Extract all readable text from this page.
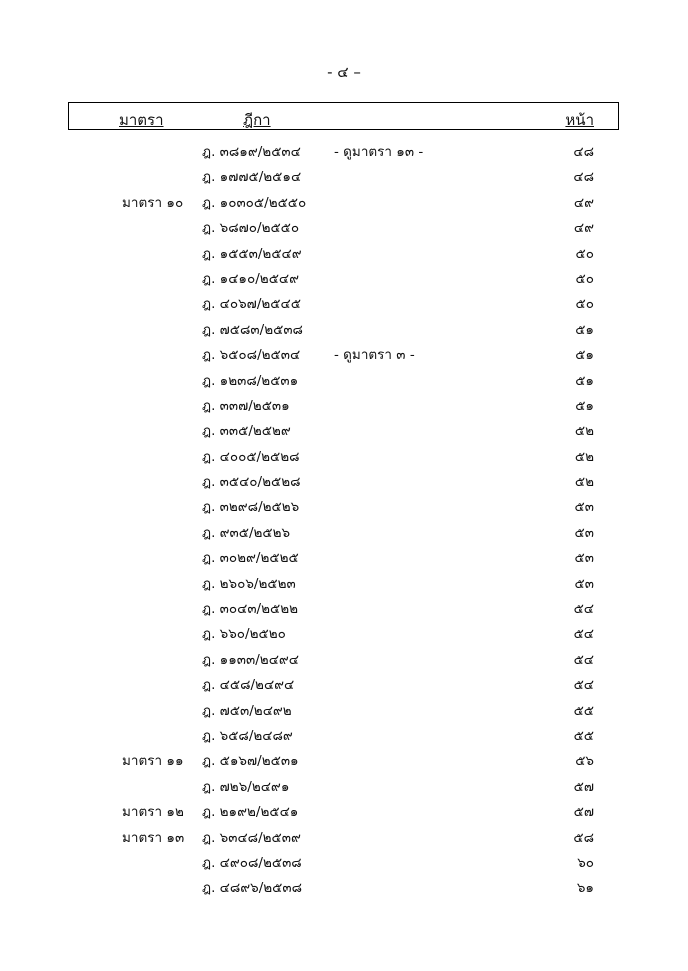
- ๔ –
มาตรา	ฎีกา	หน้า
ฎ. ๓๘๑๙/๒๕๓๔ - ดูมาตรา ๑๓ -	๔๘
ฎ. ๑๗๗๕/๒๕๑๔	๔๘
มาตรา ๑๐ ฎ. ๑๐๓๐๕/๒๕๕๐	๔๙
ฎ. ๖๘๗๐/๒๕๕๐	๔๙
ฎ. ๑๕๕๓/๒๕๔๙	๕๐
ฎ. ๑๔๑๐/๒๕๔๙	๕๐
ฎ. ๔๐๖๗/๒๕๔๕	๕๐
ฎ. ๗๕๘๓/๒๕๓๘	๕๑
ฎ. ๖๕๐๘/๒๕๓๔	- ดูมาตรา ๓ -	๕๑
ฎ. ๑๒๓๘/๒๕๓๑	๕๑
ฎ. ๓๓๗/๒๕๓๑	๕๑
ฎ. ๓๓๕/๒๕๒๙	๕๒
ฎ. ๔๐๐๕/๒๕๒๘	๕๒
ฎ. ๓๕๔๐/๒๕๒๘	๕๒
ฎ. ๓๒๙๘/๒๕๒๖	๕๓
ฎ. ๙๓๕/๒๕๒๖	๕๓
ฎ. ๓๐๒๙/๒๕๒๕	๕๓
ฎ. ๒๖๐๖/๒๕๒๓	๕๓
ฎ. ๓๐๔๓/๒๕๒๒	๕๔
ฎ. ๖๖๐/๒๕๒๐	๕๔
ฎ. ๑๑๓๓/๒๔๙๔	๕๔
ฎ. ๔๕๘/๒๔๙๔	๕๔
ฎ. ๗๕๓/๒๔๙๒	๕๕
ฎ. ๖๕๘/๒๔๘๙	๕๕
มาตรา ๑๑ ฎ. ๕๑๖๗/๒๕๓๑	๕๖
ฎ. ๗๒๖/๒๔๙๑	๕๗
มาตรา ๑๒ ฎ. ๒๑๙๒/๒๕๔๑	๕๗
มาตรา ๑๓ ฎ. ๖๓๔๘/๒๕๓๙	๕๘
ฎ. ๔๙๐๘/๒๕๓๘	๖๐
ฎ. ๔๘๙๖/๒๕๓๘	๖๑
